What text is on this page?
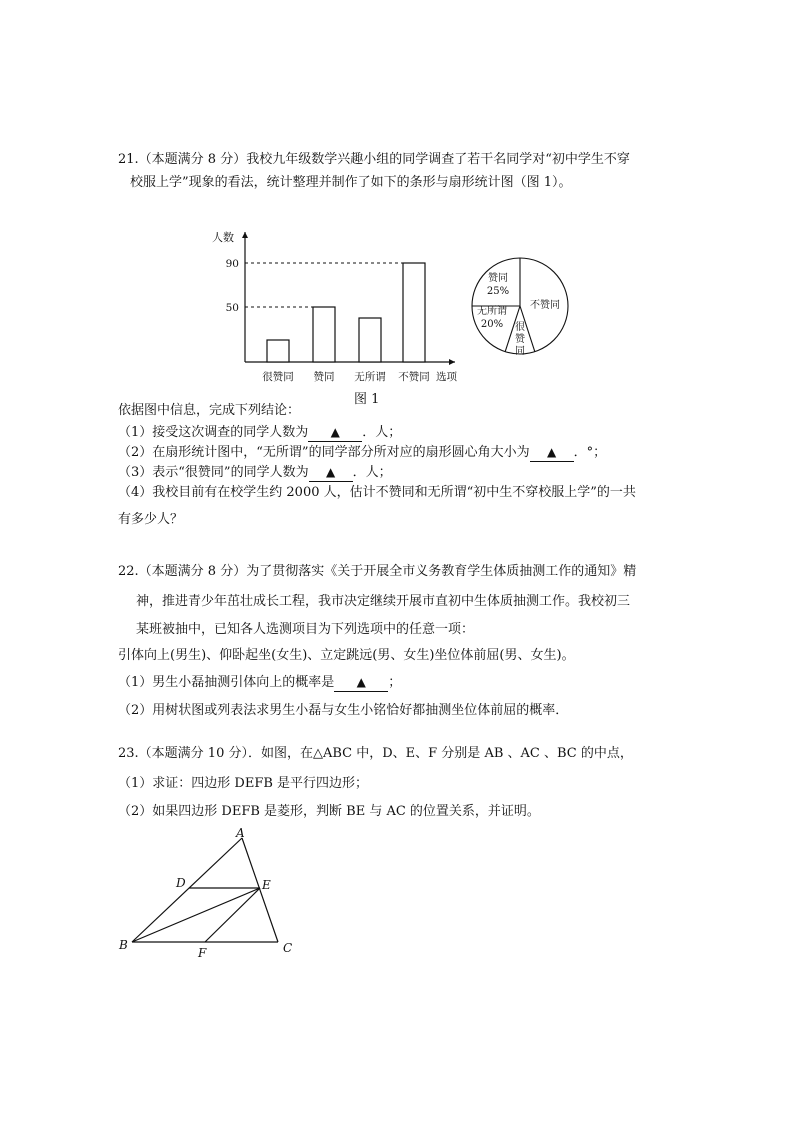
21.（本题满分 8 分）我校九年级数学兴趣小组的同学调查了若干名同学对“初中学生不穿
校服上学”现象的看法，统计整理并制作了如下的条形与扇形统计图（图 1）。
人数
很赞同 赞同 无所谓 不赞同
50
90
选项
不赞同
很
赞
同
无所谓
20%
赞同
25%
图 1
依据图中信息，完成下列结论：
（1）接受这次调查的同学人数为 ▲ ．人；
（2）在扇形统计图中，“无所谓”的同学部分所对应的扇形圆心角大小为 ▲ ．°；
（3）表示“很赞同”的同学人数为 ▲ ．人；
（4）我校目前有在校学生约 2000 人，估计不赞同和无所谓“初中生不穿校服上学”的一共
有多少人？
22.（本题满分 8 分）为了贯彻落实《关于开展全市义务教育学生体质抽测工作的通知》精
神，推进青少年茁壮成长工程，我市决定继续开展市直初中生体质抽测工作。我校初三
某班被抽中，已知各人选测项目为下列选项中的任意一项：
引体向上(男生)、仰卧起坐(女生)、立定跳远(男、女生)坐位体前屈(男、女生)。
（1）男生小磊抽测引体向上的概率是 ▲ ；
（2）用树状图或列表法求男生小磊与女生小铭恰好都抽测坐位体前屈的概率．
23.（本题满分 10 分）．如图，在△ABC 中，D、E、F 分别是 AB 、AC 、BC 的中点，
（1）求证：四边形 DEFB 是平行四边形；
（2）如果四边形 DEFB 是菱形，判断 BE 与 AC 的位置关系，并证明。
A
D	E
B
F	C
